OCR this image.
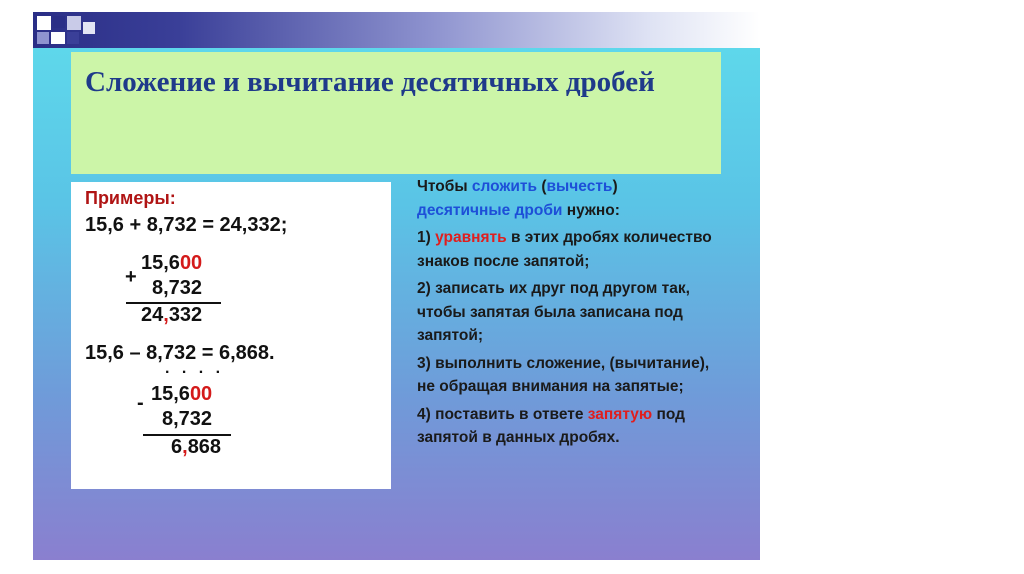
Сложение и вычитание десятичных дробей

Примеры:

15,6 + 8,732 = 24,332;

+

15,600

8,732

24,332

15,6 – 8,732 = 6,868.

. . . .
- 15,600

8,732

6,868

Чтобы сложить (вычесть)
десятичные дроби нужно:

1) уравнять в этих дробях количество знаков после запятой;

2) записать их друг под другом так, чтобы запятая была записана под запятой;

3) выполнить сложение, (вычитание), не обращая внимания на запятые;

4) поставить в ответе запятую под запятой в данных дробях.
